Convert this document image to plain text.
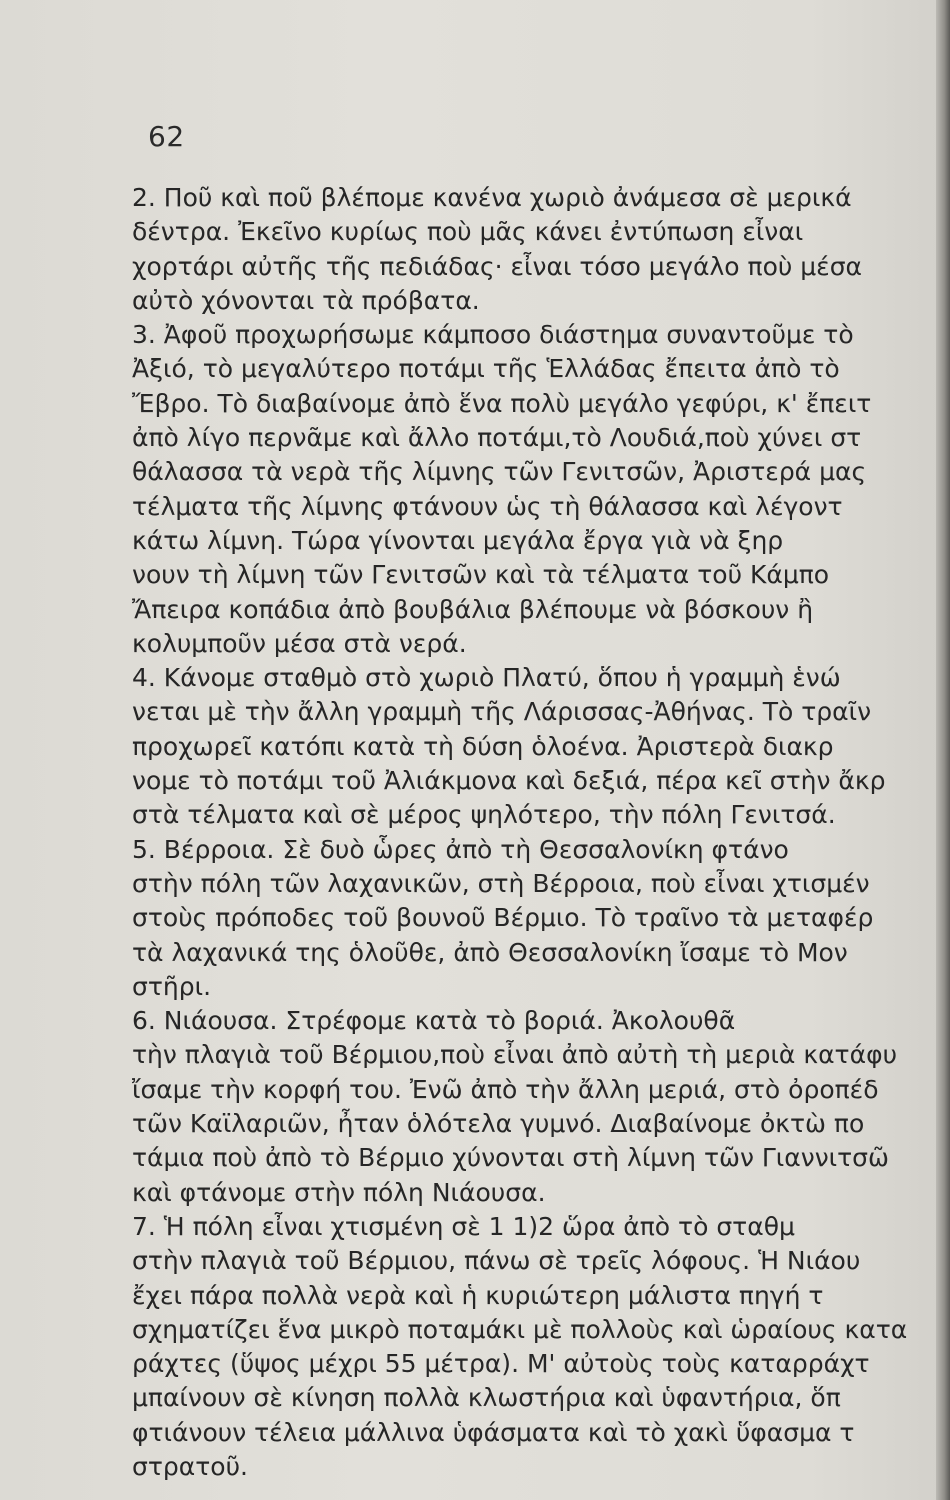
62
2. Ποῦ καὶ ποῦ βλέπομε κανένα χωριὸ ἀνάμεσα σὲ μερικά
δέντρα. Ἐκεῖνο κυρίως ποὺ μᾶς κάνει ἐντύπωση εἶναι
χορτάρι αὐτῆς τῆς πεδιάδας· εἶναι τόσο μεγάλο ποὺ μέσα
αὐτὸ χόνονται τὰ πρόβατα.
3. Ἀφοῦ προχωρήσωμε κάμποσο διάστημα συναντοῦμε τὸ
Ἀξιό, τὸ μεγαλύτερο ποτάμι τῆς Ἑλλάδας ἔπειτα ἀπὸ τὸ
Ἔβρο. Τὸ διαβαίνομε ἀπὸ ἕνα πολὺ μεγάλο γεφύρι, κ' ἔπειτ
ἀπὸ λίγο περνᾶμε καὶ ἄλλο ποτάμι,τὸ Λουδιά,ποὺ χύνει στ
θάλασσα τὰ νερὰ τῆς λίμνης τῶν Γενιτσῶν, Ἀριστερά μας
τέλματα τῆς λίμνης φτάνουν ὡς τὴ θάλασσα καὶ λέγοντ
κάτω λίμνη. Τώρα γίνονται μεγάλα ἔργα γιὰ νὰ ξηρ
νουν τὴ λίμνη τῶν Γενιτσῶν καὶ τὰ τέλματα τοῦ Κάμπο
Ἄπειρα κοπάδια ἀπὸ βουβάλια βλέπουμε νὰ βόσκουν ἢ
κολυμποῦν μέσα στὰ νερά.
4. Κάνομε σταθμὸ στὸ χωριὸ Πλατύ, ὅπου ἡ γραμμὴ ἑνώ
νεται μὲ τὴν ἄλλη γραμμὴ τῆς Λάρισσας-Ἀθήνας. Τὸ τραῖν
προχωρεῖ κατόπι κατὰ τὴ δύση ὁλοένα. Ἀριστερὰ διακρ
νομε τὸ ποτάμι τοῦ Ἀλιάκμονα καὶ δεξιά, πέρα κεῖ στὴν ἄκρ
στὰ τέλματα καὶ σὲ μέρος ψηλότερο, τὴν πόλη Γενιτσά.
5. Βέρροια. Σὲ δυὸ ὧρες ἀπὸ τὴ Θεσσαλονίκη φτάνο
στὴν πόλη τῶν λαχανικῶν, στὴ Βέρροια, ποὺ εἶναι χτισμέν
στοὺς πρόποδες τοῦ βουνοῦ Βέρμιο. Τὸ τραῖνο τὰ μεταφέρ
τὰ λαχανικά της ὁλοῦθε, ἀπὸ Θεσσαλονίκη ἴσαμε τὸ Μον
στῆρι.
6. Νιάουσα. Στρέφομε κατὰ τὸ βοριά. Ἀκολουθᾶ
τὴν πλαγιὰ τοῦ Βέρμιου,ποὺ εἶναι ἀπὸ αὐτὴ τὴ μεριὰ κατάφυ
ἴσαμε τὴν κορφή του. Ἐνῶ ἀπὸ τὴν ἄλλη μεριά, στὸ ὀροπέδ
τῶν Καϊλαριῶν, ἦταν ὁλότελα γυμνό. Διαβαίνομε ὀκτὼ πο
τάμια ποὺ ἀπὸ τὸ Βέρμιο χύνονται στὴ λίμνη τῶν Γιαννιτσῶ
καὶ φτάνομε στὴν πόλη Νιάουσα.
7. Ἡ πόλη εἶναι χτισμένη σὲ 1 1)2 ὥρα ἀπὸ τὸ σταθμ
στὴν πλαγιὰ τοῦ Βέρμιου, πάνω σὲ τρεῖς λόφους. Ἡ Νιάου
ἔχει πάρα πολλὰ νερὰ καὶ ἡ κυριώτερη μάλιστα πηγή τ
σχηματίζει ἕνα μικρὸ ποταμάκι μὲ πολλοὺς καὶ ὡραίους κατα
ράχτες (ὕψος μέχρι 55 μέτρα). Μ' αὐτοὺς τοὺς καταρράχτ
μπαίνουν σὲ κίνηση πολλὰ κλωστήρια καὶ ὑφαντήρια, ὅπ
φτιάνουν τέλεια μάλλινα ὑφάσματα καὶ τὸ χακὶ ὕφασμα τ
στρατοῦ.
